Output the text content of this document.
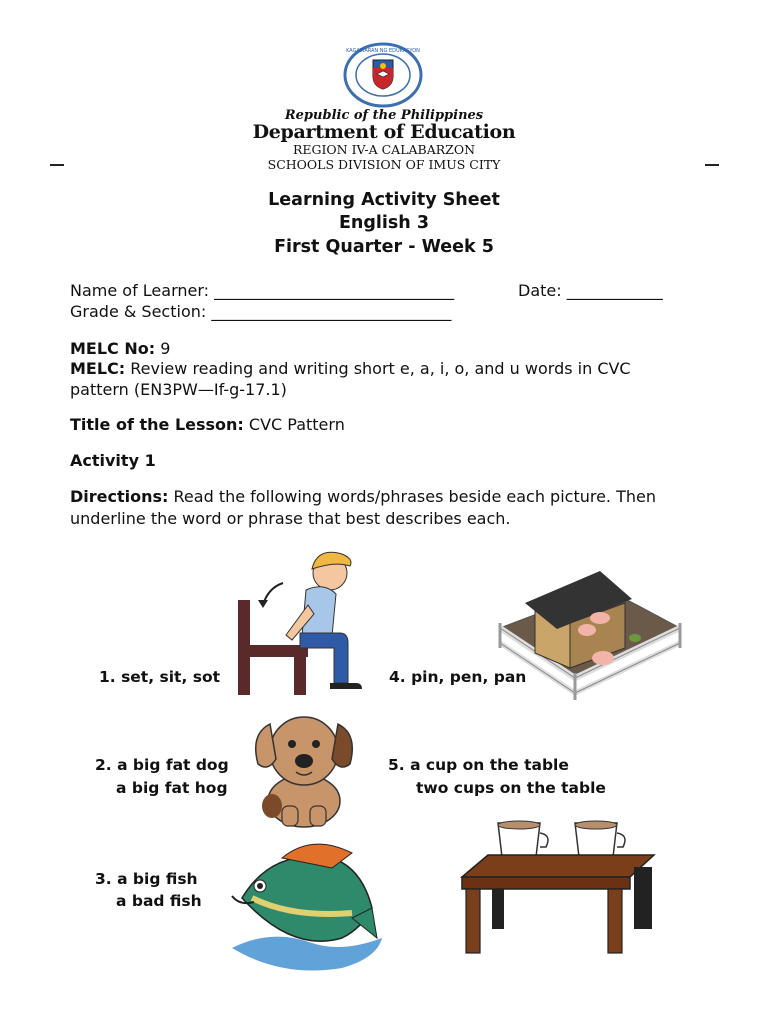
KAGAWARAN NG EDUKASYON
Republic of the Philippines
Department of Education
REGION IV-A CALABARZON
SCHOOLS DIVISION OF IMUS CITY
Learning Activity Sheet
English 3
First Quarter - Week 5
Name of Learner: ______________________________	Date: ____________
Grade & Section: ______________________________
MELC No: 9
MELC: Review reading and writing short e, a, i, o, and u words in CVC
pattern (EN3PW—If-g-17.1)
Title of the Lesson: CVC Pattern
Activity 1
Directions: Read the following words/phrases beside each picture. Then
underline the word or phrase that best describes each.
1. set, sit, sot
2. a big fat dog
a big fat hog
3. a big fish
a bad fish
4. pin, pen, pan
5. a cup on the table
two cups on the table
